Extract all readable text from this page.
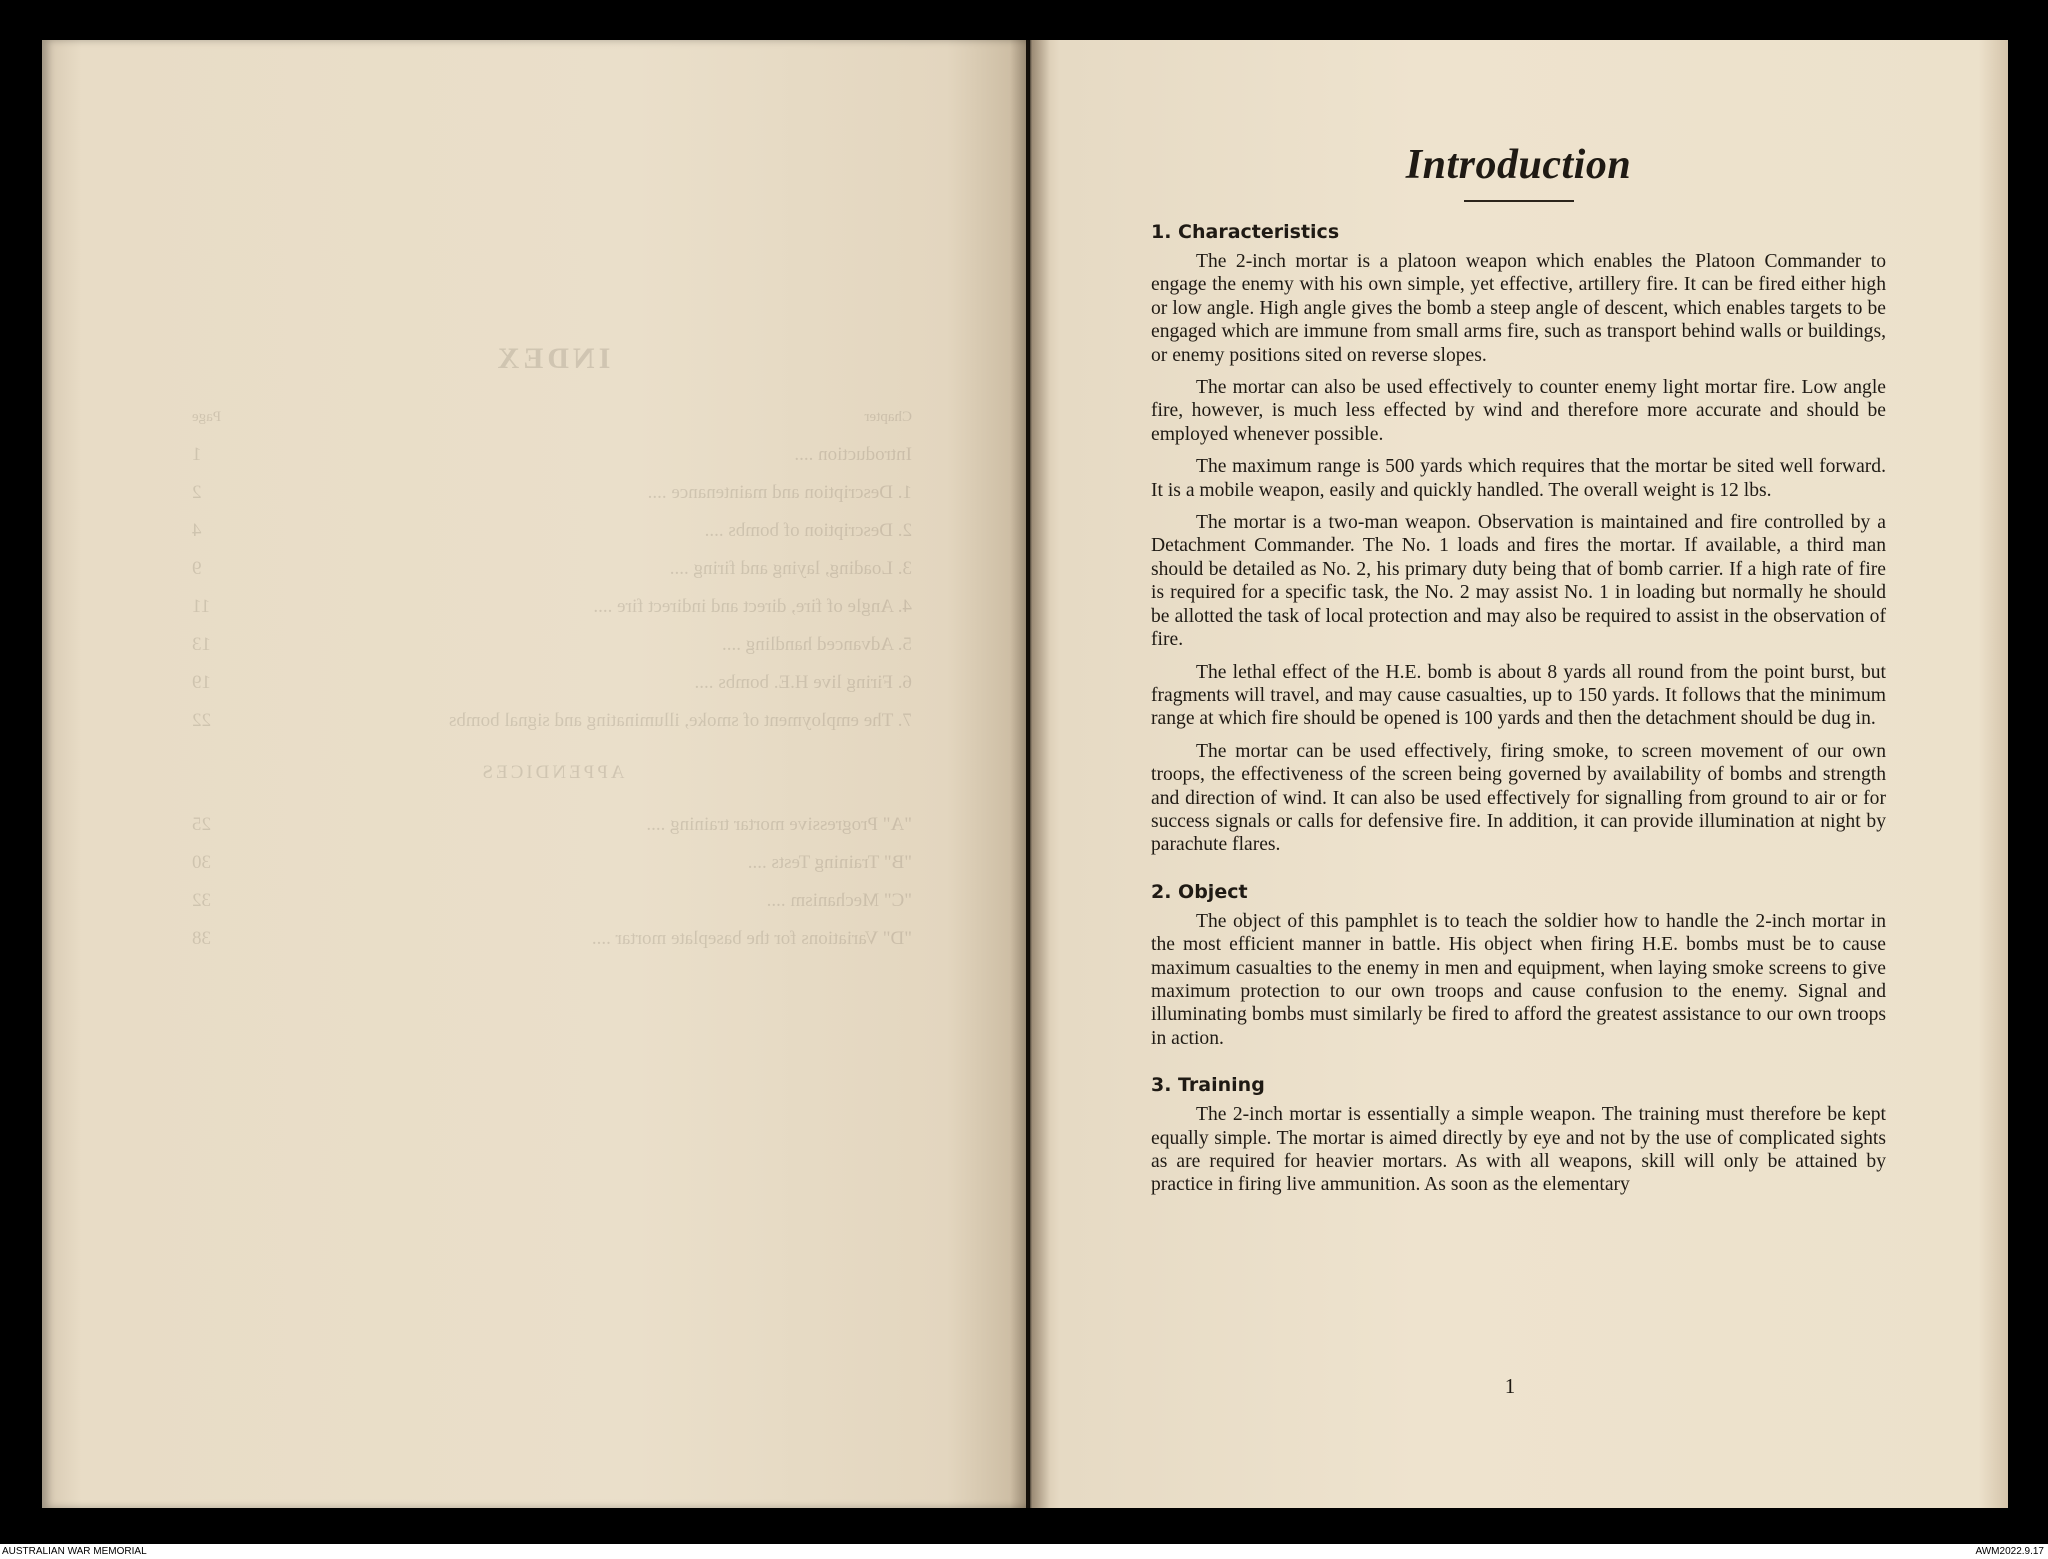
INDEX
Chapter
Page
Introduction ....
1
1. Description and maintenance ....
2
2. Description of bombs ....
4
3. Loading, laying and firing ....
9
4. Angle of fire, direct and indirect fire ....
11
5. Advanced handling ....
13
6. Firing live H.E. bombs ....
19
7. The employment of smoke, illuminating and signal bombs
22
APPENDICES
"A" Progressive mortar training ....
25
"B" Training Tests ....
30
"C" Mechanism ....
32
"D" Variations for the baseplate mortar ....
38
Introduction
1. Characteristics

The 2-inch mortar is a platoon weapon which enables the Platoon Commander to engage the enemy with his own simple, yet effective, artillery fire. It can be fired either high or low angle. High angle gives the bomb a steep angle of descent, which enables targets to be engaged which are immune from small arms fire, such as transport behind walls or buildings, or enemy positions sited on reverse slopes.

The mortar can also be used effectively to counter enemy light mortar fire. Low angle fire, however, is much less effected by wind and therefore more accurate and should be employed whenever possible.

The maximum range is 500 yards which requires that the mortar be sited well forward. It is a mobile weapon, easily and quickly handled. The overall weight is 12 lbs.

The mortar is a two-man weapon. Observation is maintained and fire controlled by a Detachment Commander. The No. 1 loads and fires the mortar. If available, a third man should be detailed as No. 2, his primary duty being that of bomb carrier. If a high rate of fire is required for a specific task, the No. 2 may assist No. 1 in loading but normally he should be allotted the task of local protection and may also be required to assist in the observation of fire.

The lethal effect of the H.E. bomb is about 8 yards all round from the point burst, but fragments will travel, and may cause casualties, up to 150 yards. It follows that the minimum range at which fire should be opened is 100 yards and then the detachment should be dug in.

The mortar can be used effectively, firing smoke, to screen movement of our own troops, the effectiveness of the screen being governed by availability of bombs and strength and direction of wind. It can also be used effectively for signalling from ground to air or for success signals or calls for defensive fire. In addition, it can provide illumination at night by parachute flares.

2. Object

The object of this pamphlet is to teach the soldier how to handle the 2-inch mortar in the most efficient manner in battle. His object when firing H.E. bombs must be to cause maximum casualties to the enemy in men and equipment, when laying smoke screens to give maximum protection to our own troops and cause confusion to the enemy. Signal and illuminating bombs must similarly be fired to afford the greatest assistance to our own troops in action.

3. Training

The 2-inch mortar is essentially a simple weapon. The training must therefore be kept equally simple. The mortar is aimed directly by eye and not by the use of complicated sights as are required for heavier mortars. As with all weapons, skill will only be attained by practice in firing live ammunition. As soon as the elementary

1
AUSTRALIAN WAR MEMORIAL	AWM2022.9.17
